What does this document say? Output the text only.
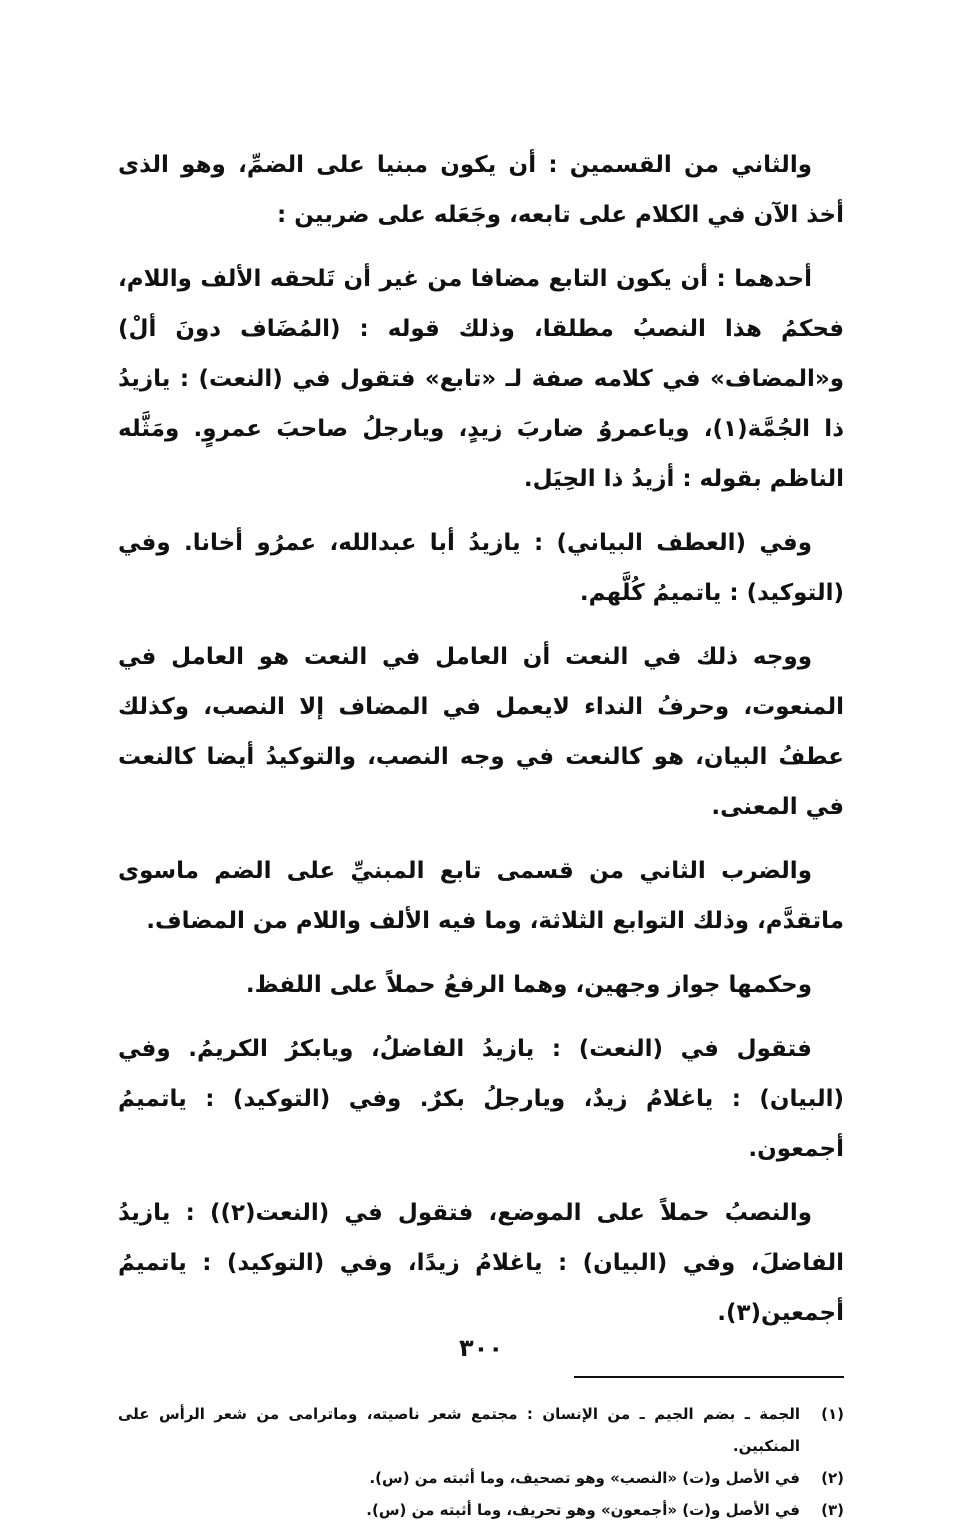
والثاني من القسمين : أن يكون مبنيا على الضمِّ، وهو الذى أخذ الآن في الكلام على تابعه، وجَعَله على ضربين :

أحدهما : أن يكون التابع مضافا من غير أن تَلحقه الألف واللام، فحكمُ هذا النصبُ مطلقا، وذلك قوله : (المُضَاف دونَ ألْ) و«المضاف» في كلامه صفة لـ «تابع» فتقول في (النعت) : يازيدُ ذا الجُمَّة(١)، وياعمروُ ضاربَ زيدٍ، ويارجلُ صاحبَ عمروٍ. ومَثَّله الناظم بقوله : أزيدُ ذا الحِيَل.

وفي (العطف البياني) : يازيدُ أبا عبدالله، عمرُو أخانا. وفي (التوكيد) : ياتميمُ كُلَّهم.

ووجه ذلك في النعت أن العامل في النعت هو العامل في المنعوت، وحرفُ النداء لايعمل في المضاف إلا النصب، وكذلك عطفُ البيان، هو كالنعت في وجه النصب، والتوكيدُ أيضا كالنعت في المعنى.

والضرب الثاني من قسمى تابع المبنيِّ على الضم ماسوى ماتقدَّم، وذلك التوابع الثلاثة، وما فيه الألف واللام من المضاف.

وحكمها جواز وجهين، وهما الرفعُ حملاً على اللفظ.

فتقول في (النعت) : يازيدُ الفاضلُ، ويابكرُ الكريمُ. وفي (البيان) : ياغلامُ زيدٌ، ويارجلُ بكرٌ. وفي (التوكيد) : ياتميمُ أجمعون.

والنصبُ حملاً على الموضع، فتقول في (النعت(٢)) : يازيدُ الفاضلَ، وفي (البيان) : ياغلامُ زيدًا، وفي (التوكيد) : ياتميمُ أجمعين(٣).

(١)
الجمة ـ بضم الجيم ـ من الإنسان : مجتمع شعر ناصيته، وماترامى من شعر الرأس على المنكبين.
(٢)
في الأصل و(ت) «النصب» وهو تصحيف، وما أثبته من (س).
(٣)
في الأصل و(ت) «أجمعون» وهو تحريف، وما أثبته من (س).
٣٠٠
